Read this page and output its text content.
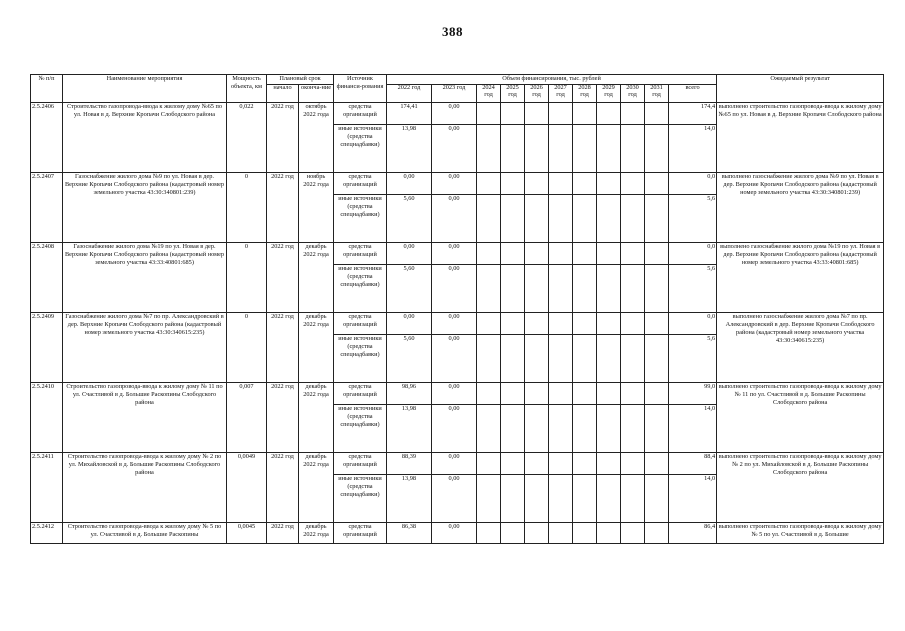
388
№ п/п	Наименование мероприятия	Мощность объекта, км	Плановый срок		Источник финанси-рования	Объем финансирования, тыс. рублей											Ожидаемый результат
			начало	оконча-ние		2022 год	2023 год	2024 год	2025 год	2026 год	2027 год	2028 год	2029 год	2030 год	2031 год	всего	
2.5.2406	Строительство газопровода-ввода к жилому дому №65 по ул. Новая в д. Верхние Кропачи Слободского района	0,022	2022 год	октябрь 2022 года	средства организаций	174,41	0,00									174,4	выполнено строительство газопровода-ввода к жилому дому №65 по ул. Новая в д. Верхние Кропачи Слободского района
					иные источники (средства спецнадбавки)	13,98	0,00									14,0	
2.5.2407	Газоснабжение жилого дома №9 по ул. Новая в дер. Верхние Кропачи Слободского района (кадастровый номер земельного участка 43:30:340801:239)	0	2022 год	ноябрь 2022 года	средства организаций	0,00	0,00									0,0	выполнено газоснабжение жилого дома №9 по ул. Новая в дер. Верхние Кропачи Слободского района (кадастровый номер земельного участка 43:30:340801:239)
					иные источники (средства спецнадбавки)	5,60	0,00									5,6	
2.5.2408	Газоснабжение жилого дома №19 по ул. Новая в дер. Верхние Кропачи Слободского района (кадастровый номер земельного участка 43:33:40801:685)	0	2022 год	декабрь 2022 года	средства организаций	0,00	0,00									0,0	выполнено газоснабжение жилого дома №19 по ул. Новая в дер. Верхние Кропачи Слободского района (кадастровый номер земельного участка 43:33:40801:685)
					иные источники (средства спецнадбавки)	5,60	0,00									5,6	
2.5.2409	Газоснабжение жилого дома №7 по пр. Александровский в дер. Верхние Кропачи Слободского района (кадастровый номер земельного участка 43:30:340615:235)	0	2022 год	декабрь 2022 года	средства организаций	0,00	0,00									0,0	выполнено газоснабжение жилого дома №7 по пр. Александровский в дер. Верхние Кропачи Слободского района (кадастровый номер земельного участка 43:30:340615:235)
					иные источники (средства спецнадбавки)	5,60	0,00									5,6	
2.5.2410	Строительство газопровода-ввода к жилому дому № 11 по ул. Счастливой в д. Большие Раскопины Слободского района	0,007	2022 год	декабрь 2022 года	средства организаций	98,96	0,00									99,0	выполнено строительство газопровода-ввода к жилому дому № 11 по ул. Счастливой в д. Большие Раскопины Слободского района
					иные источники (средства спецнадбавки)	13,98	0,00									14,0	
2.5.2411	Строительство газопровода-ввода к жилому дому № 2 по ул. Михайловской в д. Большие Раскопины Слободского района	0,0049	2022 год	декабрь 2022 года	средства организаций	88,39	0,00									88,4	выполнено строительство газопровода-ввода к жилому дому № 2 по ул. Михайловской в д. Большие Раскопины Слободского района
					иные источники (средства спецнадбавки)	13,98	0,00									14,0	
2.5.2412	Строительство газопровода-ввода к жилому дому № 5 по ул. Счастливой в д. Большие Раскопины	0,0045	2022 год	декабрь 2022 года	средства организаций	86,38	0,00									86,4	выполнено строительство газопровода-ввода к жилому дому № 5 по ул. Счастливой в д. Большие
